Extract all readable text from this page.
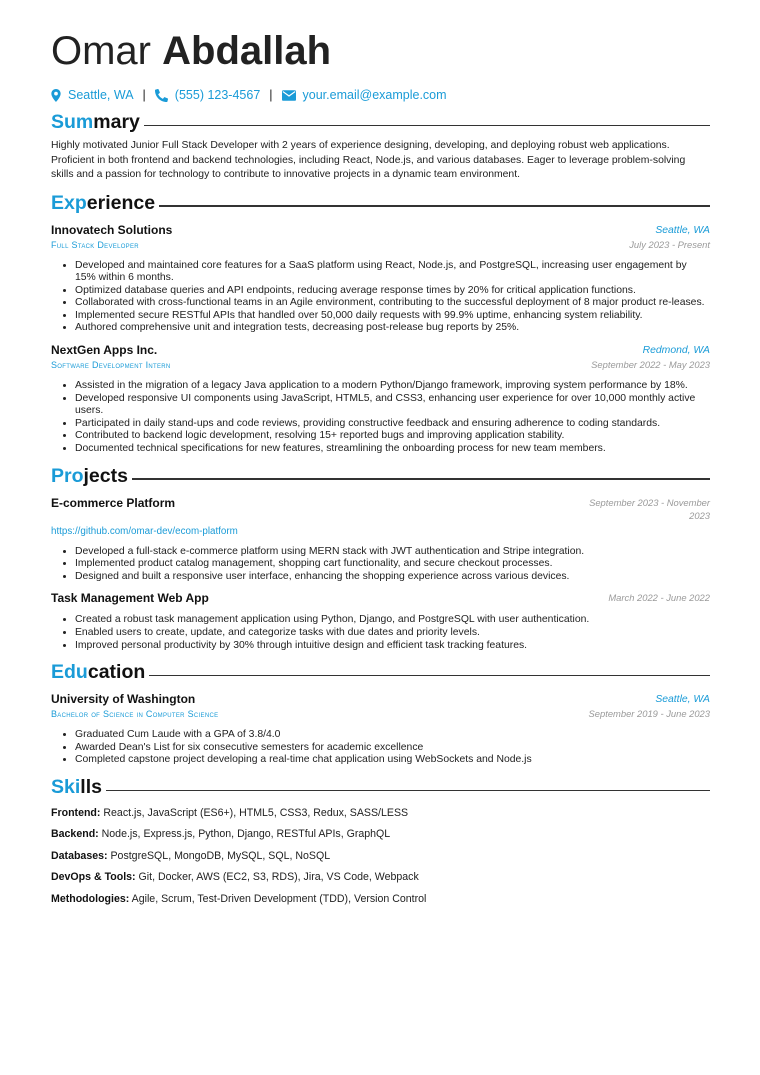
Omar Abdallah
Seattle, WA | (555) 123-4567 | your.email@example.com
Summary
Highly motivated Junior Full Stack Developer with 2 years of experience designing, developing, and deploying robust web applications. Proficient in both frontend and backend technologies, including React, Node.js, and various databases. Eager to leverage problem-solving skills and a passion for technology to contribute to innovative projects in a dynamic team environment.
Experience
Innovatech Solutions	Seattle, WA
Full Stack Developer	July 2023 - Present
• Developed and maintained core features for a SaaS platform using React, Node.js, and PostgreSQL, increasing user engagement by 15% within 6 months.
• Optimized database queries and API endpoints, reducing average response times by 20% for critical application functions.
• Collaborated with cross-functional teams in an Agile environment, contributing to the successful deployment of 8 major product re-leases.
• Implemented secure RESTful APIs that handled over 50,000 daily requests with 99.9% uptime, enhancing system reliability.
• Authored comprehensive unit and integration tests, decreasing post-release bug reports by 25%.
NextGen Apps Inc.	Redmond, WA
Software Development Intern	September 2022 - May 2023
• Assisted in the migration of a legacy Java application to a modern Python/Django framework, improving system performance by 18%.
• Developed responsive UI components using JavaScript, HTML5, and CSS3, enhancing user experience for over 10,000 monthly active users.
• Participated in daily stand-ups and code reviews, providing constructive feedback and ensuring adherence to coding standards.
• Contributed to backend logic development, resolving 15+ reported bugs and improving application stability.
• Documented technical specifications for new features, streamlining the onboarding process for new team members.
Projects
E-commerce Platform	September 2023 - November
2023
https://github.com/omar-dev/ecom-platform
• Developed a full-stack e-commerce platform using MERN stack with JWT authentication and Stripe integration.
• Implemented product catalog management, shopping cart functionality, and secure checkout processes.
• Designed and built a responsive user interface, enhancing the shopping experience across various devices.
Task Management Web App	March 2022 - June 2022
• Created a robust task management application using Python, Django, and PostgreSQL with user authentication.
• Enabled users to create, update, and categorize tasks with due dates and priority levels.
• Improved personal productivity by 30% through intuitive design and efficient task tracking features.
Education
University of Washington	Seattle, WA
Bachelor of Science in Computer Science	September 2019 - June 2023
• Graduated Cum Laude with a GPA of 3.8/4.0
• Awarded Dean's List for six consecutive semesters for academic excellence
• Completed capstone project developing a real-time chat application using WebSockets and Node.js
Skills
Frontend: React.js, JavaScript (ES6+), HTML5, CSS3, Redux, SASS/LESS
Backend: Node.js, Express.js, Python, Django, RESTful APIs, GraphQL
Databases: PostgreSQL, MongoDB, MySQL, SQL, NoSQL
DevOps & Tools: Git, Docker, AWS (EC2, S3, RDS), Jira, VS Code, Webpack
Methodologies: Agile, Scrum, Test-Driven Development (TDD), Version Control
